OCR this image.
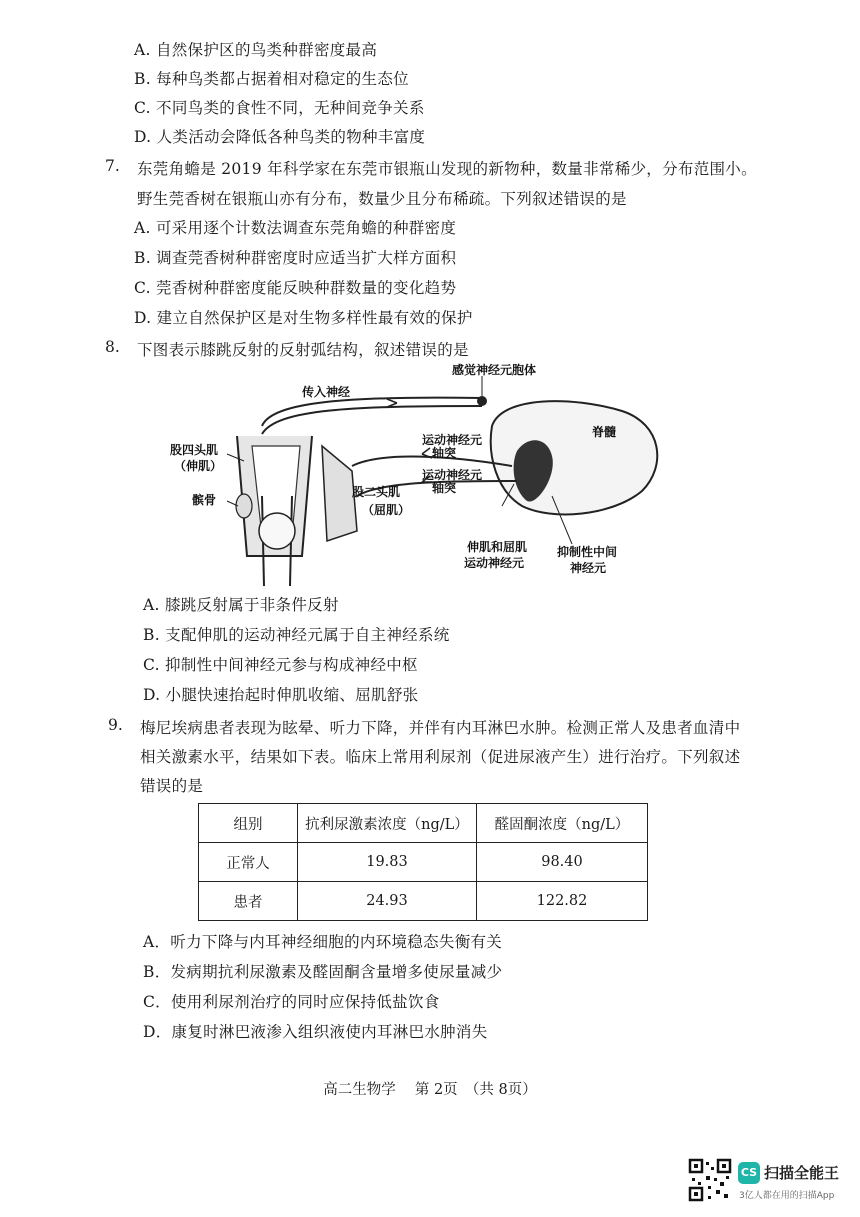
A. 自然保护区的鸟类种群密度最高
B. 每种鸟类都占据着相对稳定的生态位
C. 不同鸟类的食性不同，无种间竞争关系
D. 人类活动会降低各种鸟类的物种丰富度
7. 东莞角蟾是 2019 年科学家在东莞市银瓶山发现的新物种，数量非常稀少，分布范围小。
野生莞香树在银瓶山亦有分布，数量少且分布稀疏。下列叙述错误的是
A. 可采用逐个计数法调查东莞角蟾的种群密度
B. 调查莞香树种群密度时应适当扩大样方面积
C. 莞香树种群密度能反映种群数量的变化趋势
D. 建立自然保护区是对生物多样性最有效的保护
8. 下图表示膝跳反射的反射弧结构，叙述错误的是
传入神经
感觉神经元胞体
脊髓
运动神经元
轴突
运动神经元
轴突
股四头肌
（伸肌）
髌骨
股二头肌
（屈肌）
伸肌和屈肌
运动神经元
抑制性中间
神经元
A. 膝跳反射属于非条件反射
B. 支配伸肌的运动神经元属于自主神经系统
C. 抑制性中间神经元参与构成神经中枢
D. 小腿快速抬起时伸肌收缩、屈肌舒张
9. 梅尼埃病患者表现为眩晕、听力下降，并伴有内耳淋巴水肿。检测正常人及患者血清中
相关激素水平，结果如下表。临床上常用利尿剂（促进尿液产生）进行治疗。下列叙述
错误的是
组别	抗利尿激素浓度（ng/L）	醛固酮浓度（ng/L）
正常人	19.83	98.40
患者	24.93	122.82
A．听力下降与内耳神经细胞的内环境稳态失衡有关
B．发病期抗利尿激素及醛固酮含量增多使尿量减少
C．使用利尿剂治疗的同时应保持低盐饮食
D．康复时淋巴液渗入组织液使内耳淋巴水肿消失
高二生物学　 第 2页　（共 8页）
CS 扫描全能王
3亿人都在用的扫描App
